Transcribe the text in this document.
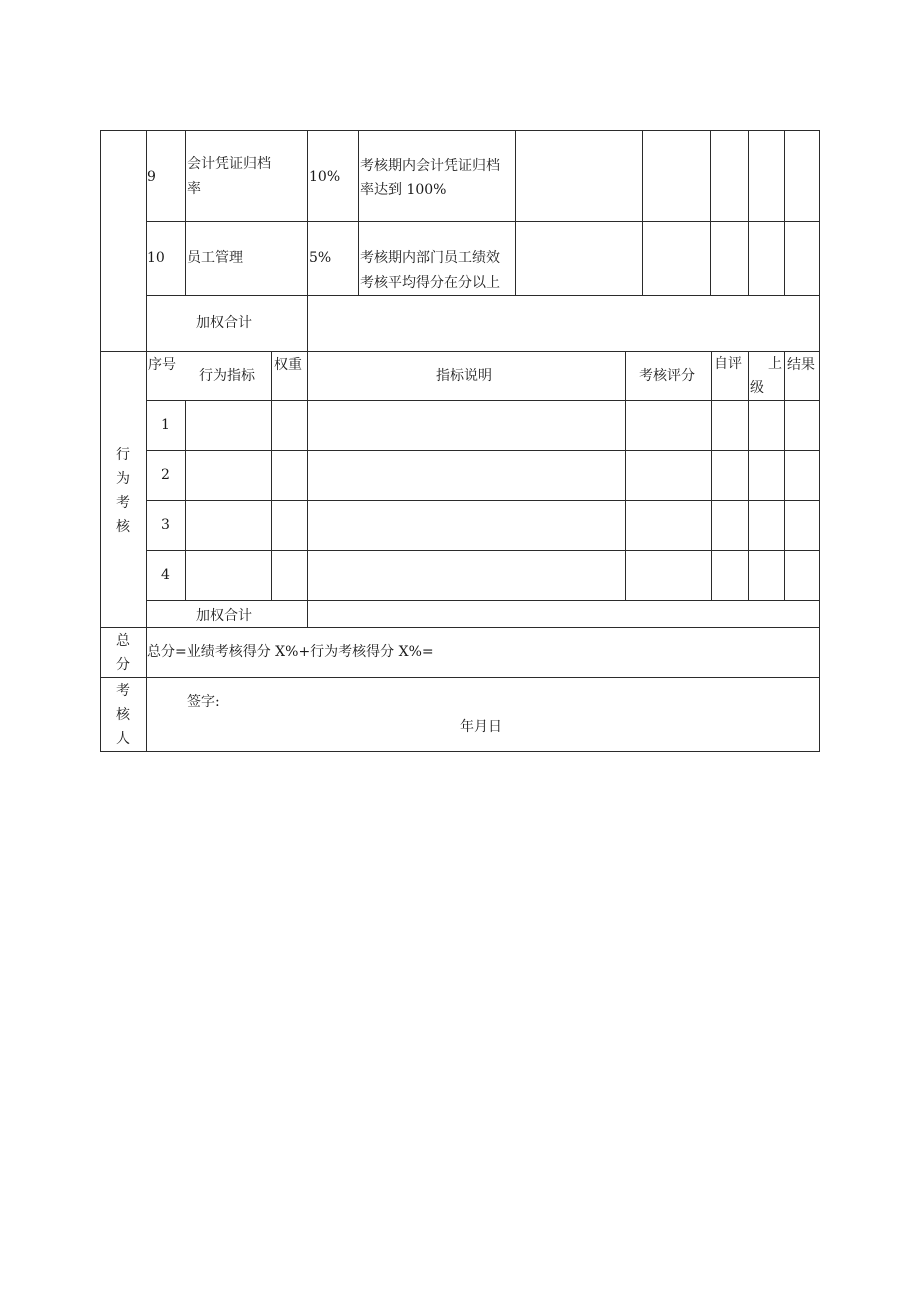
9
会计凭证归档
率
10%
考核期内会计凭证归档
率达到 100%
10 员工管理	5% 考核期内部门员工绩效
考核平均得分在分以上
加权合计
行
为
考
核
序号
行为指标
权重
指标说明	考核评分
自评 上
级
结果
1
2
3
4
加权合计
总
分
总分=业绩考核得分 X%+行为考核得分 X%=
考
核
人
签字:
年月日
